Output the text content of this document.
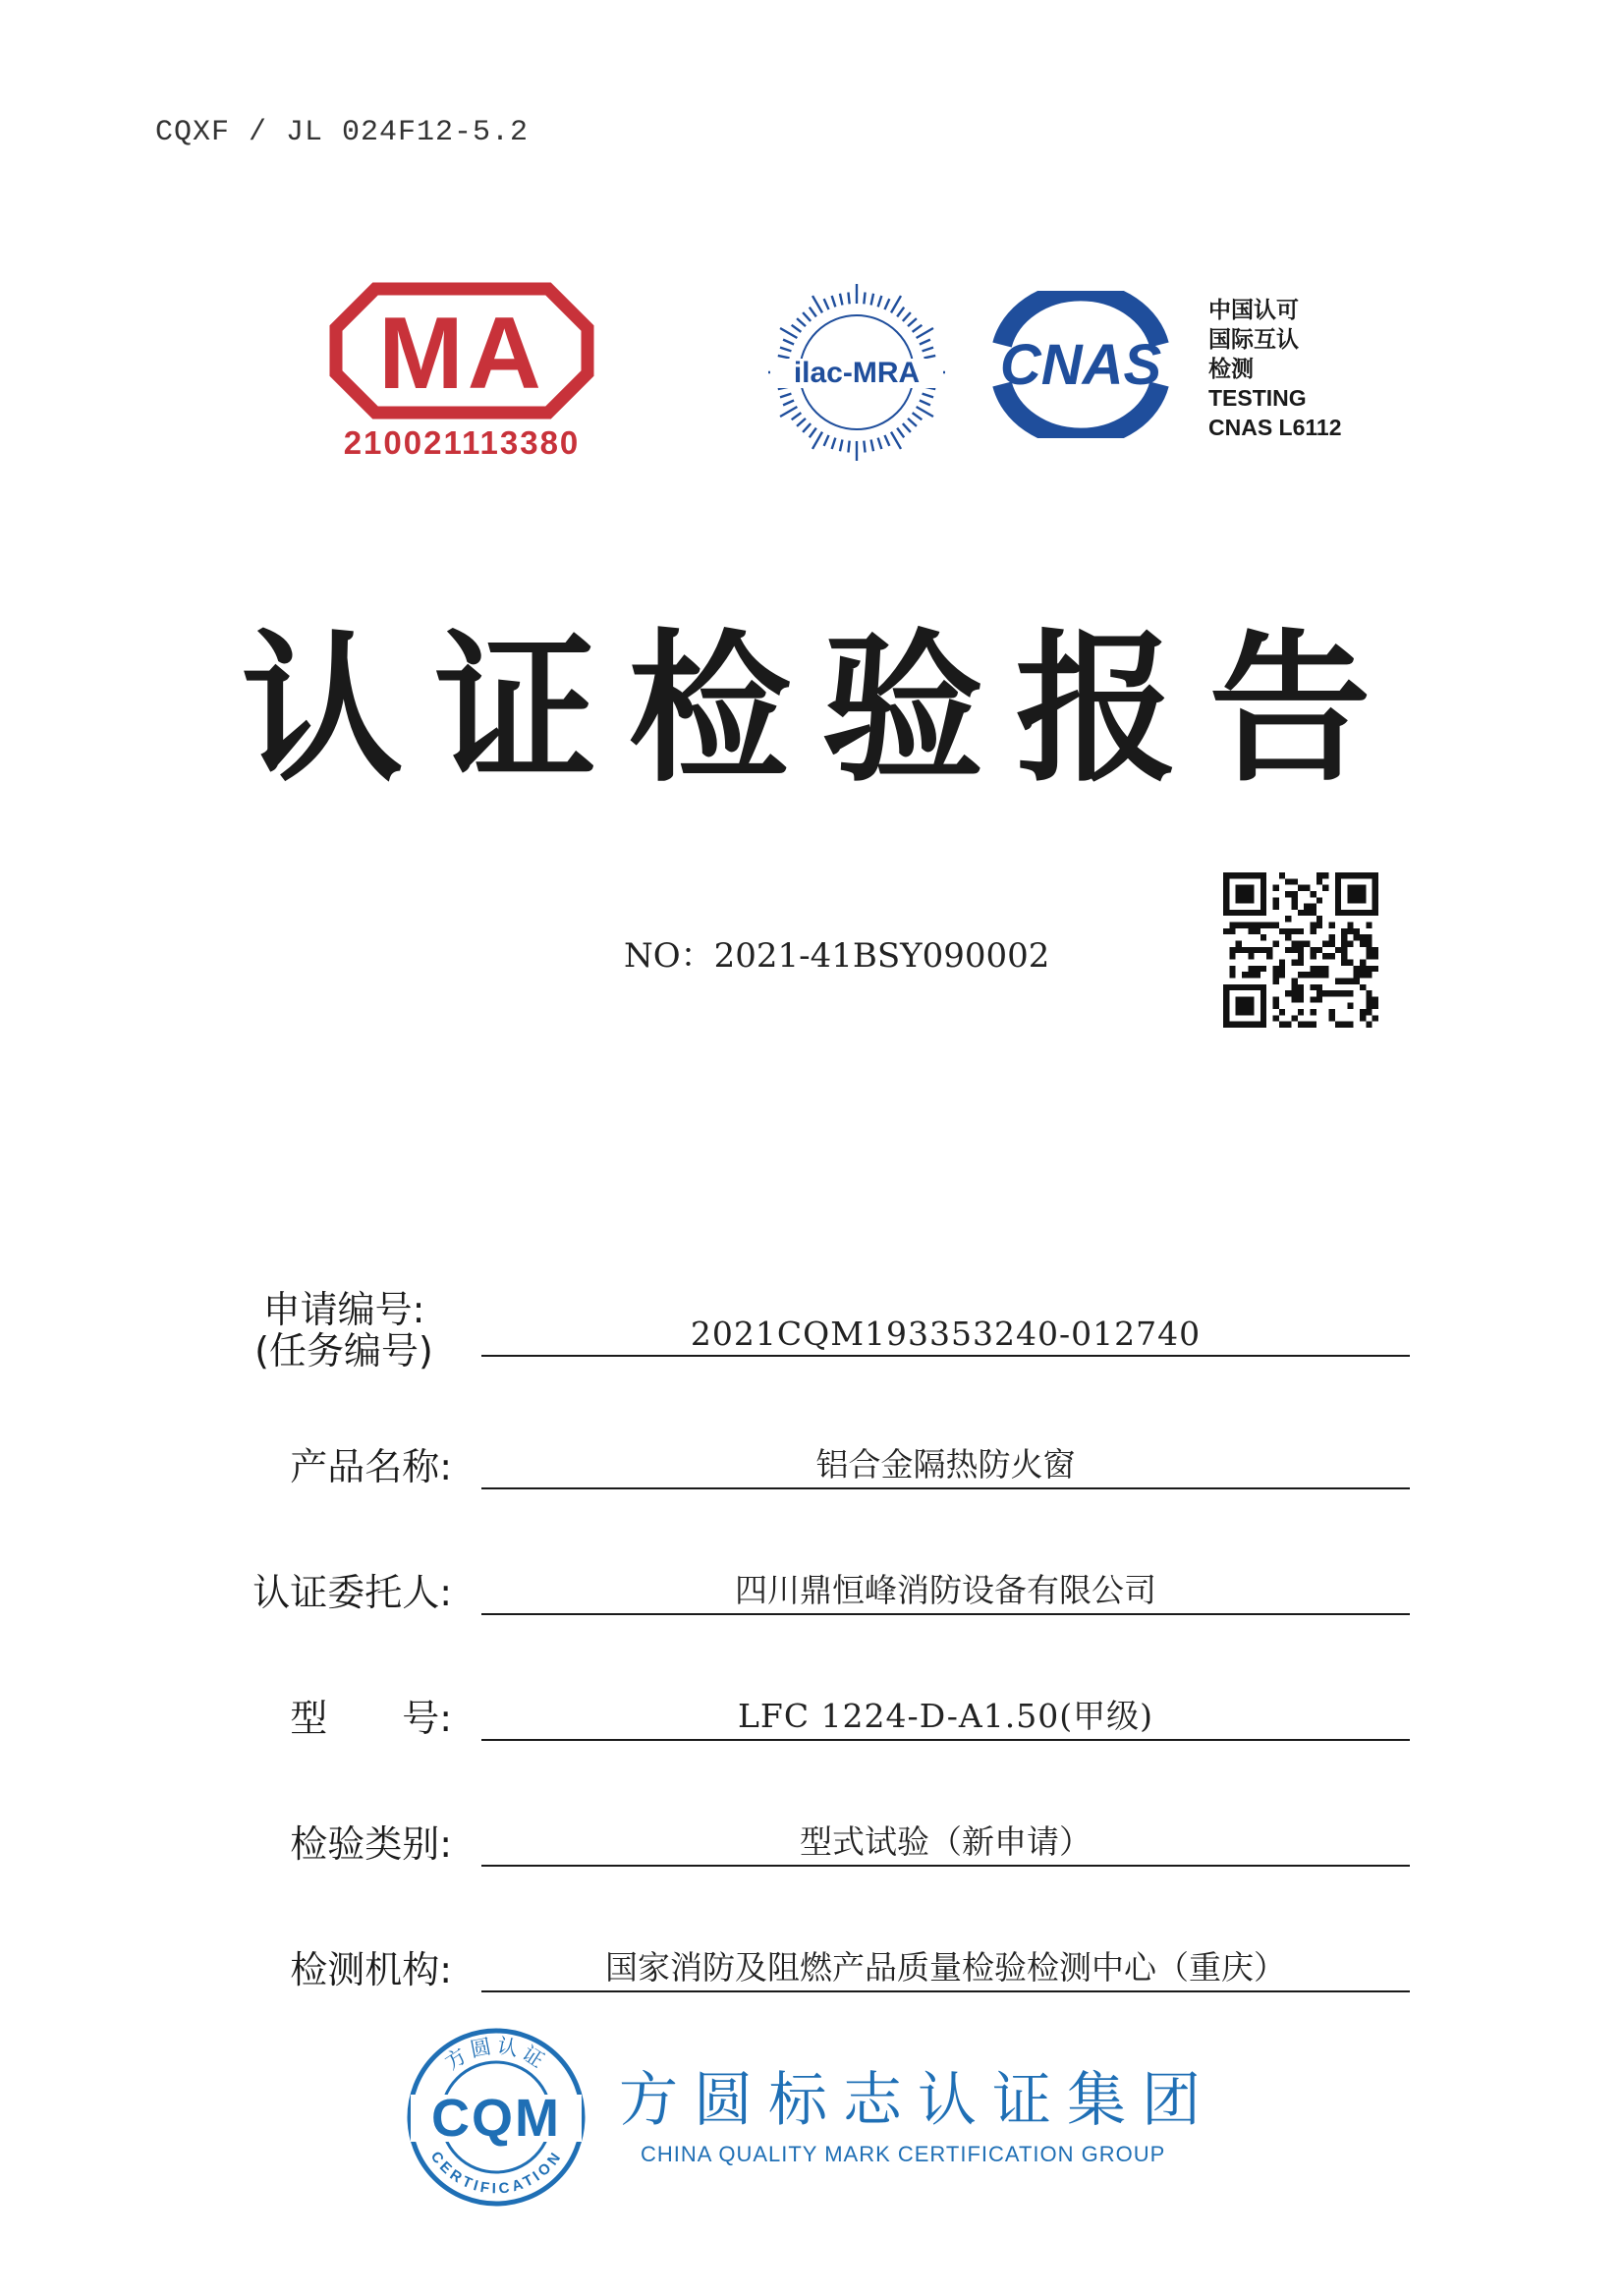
CQXF / JL 024F12-5.2
MA
210021113380
ilac-MRA CNAS
中国认可
国际互认
检测
TESTING
CNAS L6112
认证检验报告
NO：2021-41BSY090002
申请编号:
(任务编号)	2021CQM193353240-012740
产品名称:	铝合金隔热防火窗
认证委托人:	四川鼎恒峰消防设备有限公司
型　　号:	LFC 1224-D-A1.50(甲级)
检验类别:	型式试验（新申请）
检测机构:	国家消防及阻燃产品质量检验检测中心（重庆）
方圆认证
CERTIFICATION
CQM 方圆标志认证集团
CHINA QUALITY MARK CERTIFICATION GROUP
